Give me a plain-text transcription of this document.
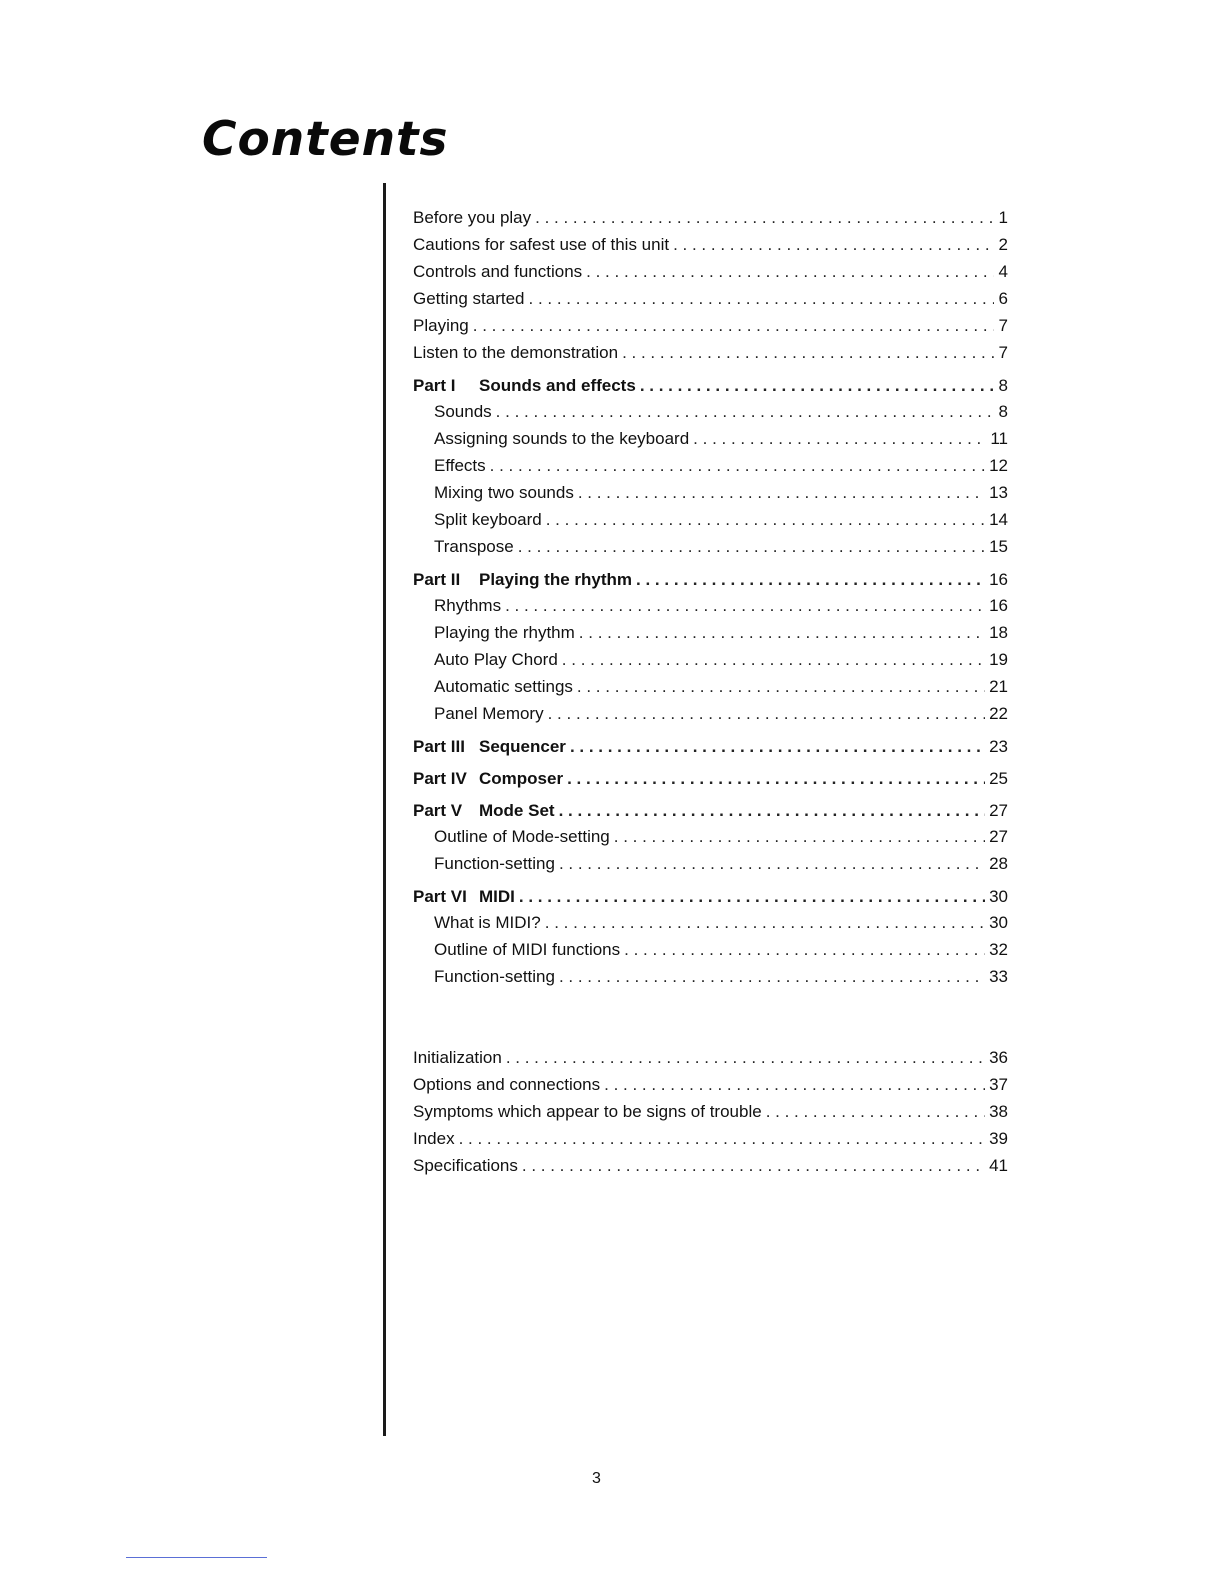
Contents
Before you play . . .	1
Cautions for safest use of this unit . . .	2
Controls and functions . . .	4
Getting started . . .	6
Playing . . .	7
Listen to the demonstration . . .	7
Part I Sounds and effects . . .	8
Sounds . . .	8
Assigning sounds to the keyboard . . .	11
Effects . . .	12
Mixing two sounds . . .	13
Split keyboard . . .	14
Transpose . . .	15
Part II Playing the rhythm . . .	16
Rhythms . . .	16
Playing the rhythm . . .	18
Auto Play Chord . . .	19
Automatic settings . . .	21
Panel Memory . . .	22
Part III Sequencer . . .	23
Part IV Composer . . .	25
Part V Mode Set . . .	27
Outline of Mode-setting . . .	27
Function-setting . . .	28
Part VI MIDI . . .	30
What is MIDI? . . .	30
Outline of MIDI functions . . .	32
Function-setting . . .	33
Initialization . . .	36
Options and connections . . .	37
Symptoms which appear to be signs of trouble . . .	38
Index . . .	39
Specifications . . .	41
3
